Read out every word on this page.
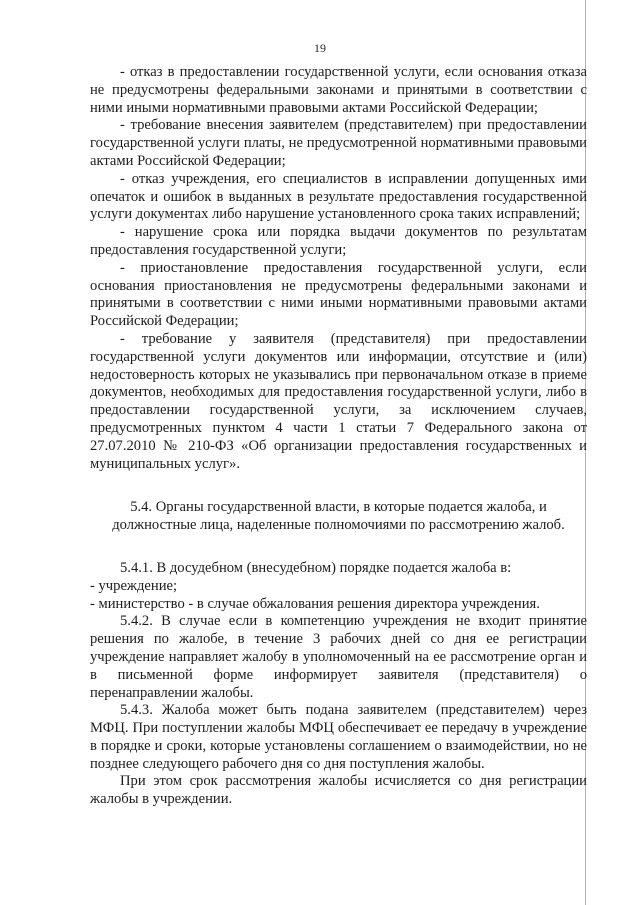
19

- отказ в предоставлении государственной услуги, если основания отказа не предусмотрены федеральными законами и принятыми в соответствии с ними иными нормативными правовыми актами Российской Федерации;

- требование внесения заявителем (представителем) при предоставлении государственной услуги платы, не предусмотренной нормативными правовыми актами Российской Федерации;

- отказ учреждения, его специалистов в исправлении допущенных ими опечаток и ошибок в выданных в результате предоставления государственной услуги документах либо нарушение установленного срока таких исправлений;

- нарушение срока или порядка выдачи документов по результатам предоставления государственной услуги;

- приостановление предоставления государственной услуги, если основания приостановления не предусмотрены федеральными законами и принятыми в соответствии с ними иными нормативными правовыми актами Российской Федерации;

- требование у заявителя (представителя) при предоставлении государственной услуги документов или информации, отсутствие и (или) недостоверность которых не указывались при первоначальном отказе в приеме документов, необходимых для предоставления государственной услуги, либо в предоставлении государственной услуги, за исключением случаев, предусмотренных пунктом 4 части 1 статьи 7 Федерального закона от 27.07.2010 № 210-ФЗ «Об организации предоставления государственных и муниципальных услуг».

5.4. Органы государственной власти, в которые подается жалоба, и должностные лица, наделенные полномочиями по рассмотрению жалоб.

5.4.1. В досудебном (внесудебном) порядке подается жалоба в:

- учреждение;

- министерство - в случае обжалования решения директора учреждения.

5.4.2. В случае если в компетенцию учреждения не входит принятие решения по жалобе, в течение 3 рабочих дней со дня ее регистрации учреждение направляет жалобу в уполномоченный на ее рассмотрение орган и в письменной форме информирует заявителя (представителя) о перенаправлении жалобы.

5.4.3. Жалоба может быть подана заявителем (представителем) через МФЦ. При поступлении жалобы МФЦ обеспечивает ее передачу в учреждение в порядке и сроки, которые установлены соглашением о взаимодействии, но не позднее следующего рабочего дня со дня поступления жалобы.

При этом срок рассмотрения жалобы исчисляется со дня регистрации жалобы в учреждении.
